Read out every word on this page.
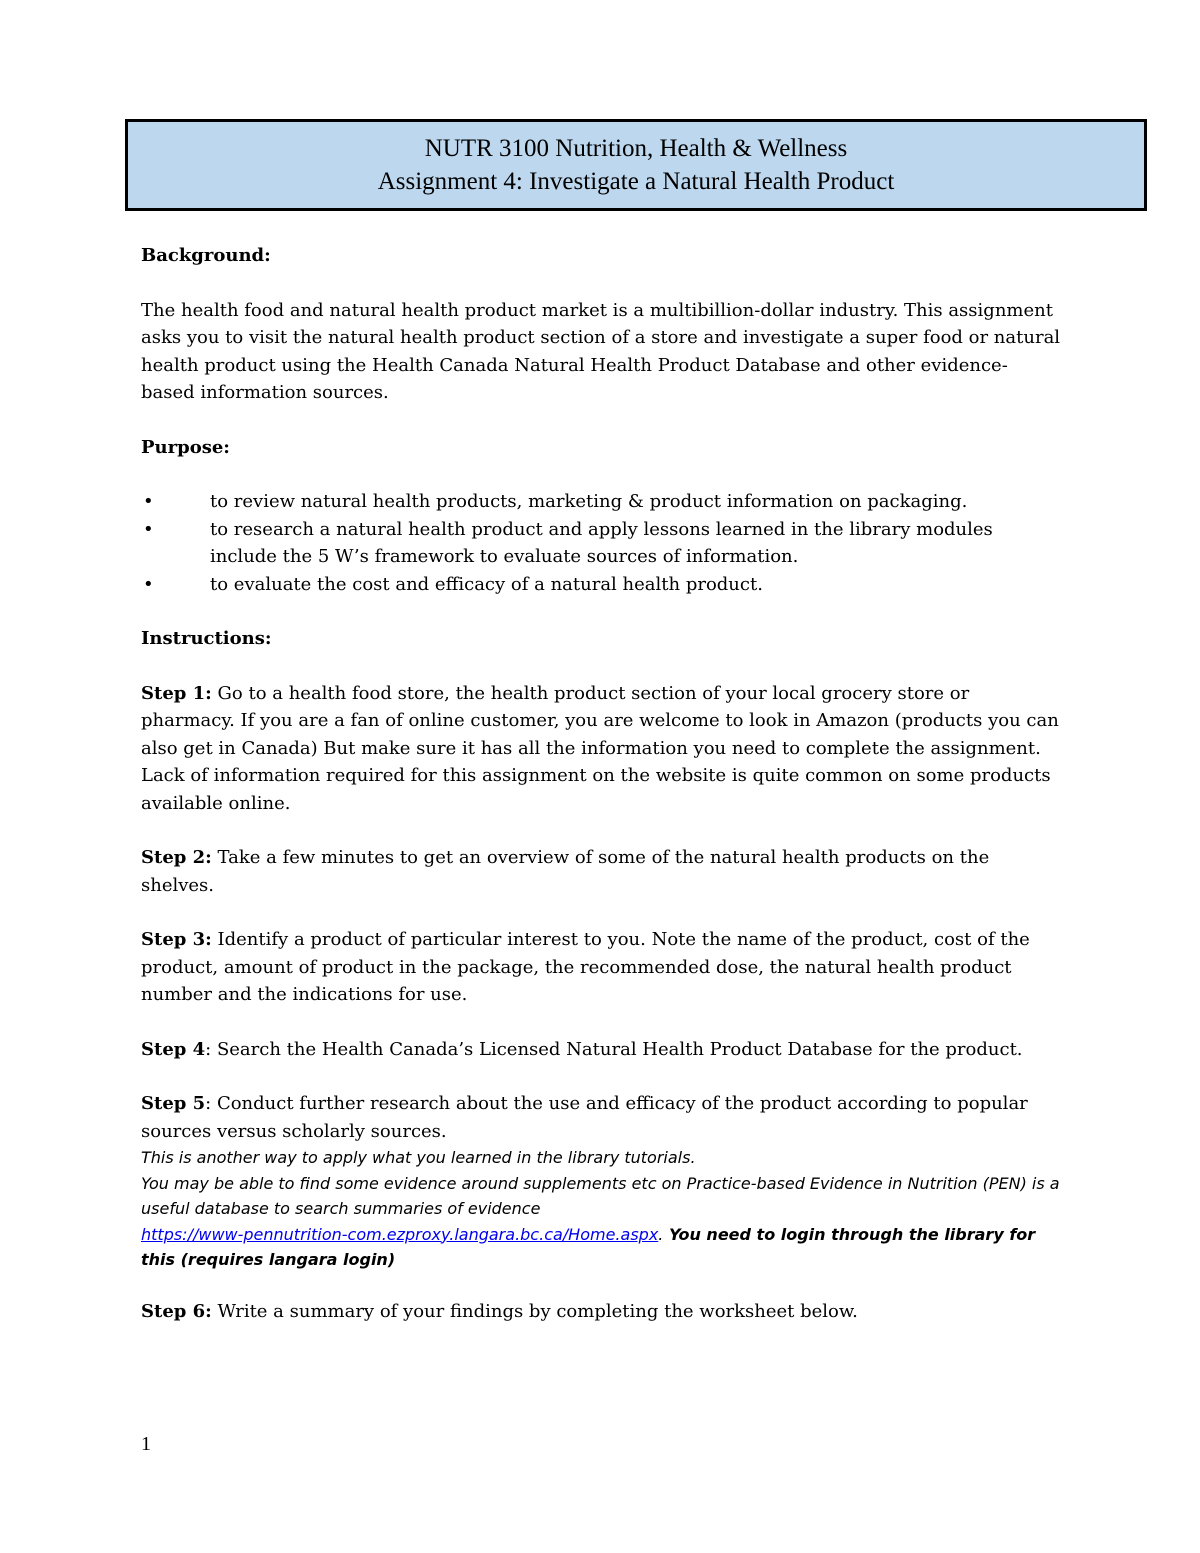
NUTR 3100 Nutrition, Health & Wellness
Assignment 4: Investigate a Natural Health Product

Background:

The health food and natural health product market is a multibillion-dollar industry. This assignment asks you to visit the natural health product section of a store and investigate a super food or natural health product using the Health Canada Natural Health Product Database and other evidence-based information sources.

Purpose:

•	to review natural health products, marketing & product information on packaging.
•	to research a natural health product and apply lessons learned in the library modules include the 5 W’s framework to evaluate sources of information.
•	to evaluate the cost and efficacy of a natural health product.

Instructions:

Step 1: Go to a health food store, the health product section of your local grocery store or pharmacy. If you are a fan of online customer, you are welcome to look in Amazon (products you can also get in Canada) But make sure it has all the information you need to complete the assignment. Lack of information required for this assignment on the website is quite common on some products available online.

Step 2: Take a few minutes to get an overview of some of the natural health products on the shelves.

Step 3: Identify a product of particular interest to you. Note the name of the product, cost of the product, amount of product in the package, the recommended dose, the natural health product number and the indications for use.

Step 4: Search the Health Canada’s Licensed Natural Health Product Database for the product.

Step 5: Conduct further research about the use and efficacy of the product according to popular sources versus scholarly sources.

This is another way to apply what you learned in the library tutorials.
You may be able to find some evidence around supplements etc on Practice-based Evidence in Nutrition (PEN) is a useful database to search summaries of evidence
https://www-pennutrition-com.ezproxy.langara.bc.ca/Home.aspx. You need to login through the library for this (requires langara login)

Step 6: Write a summary of your findings by completing the worksheet below.

1
